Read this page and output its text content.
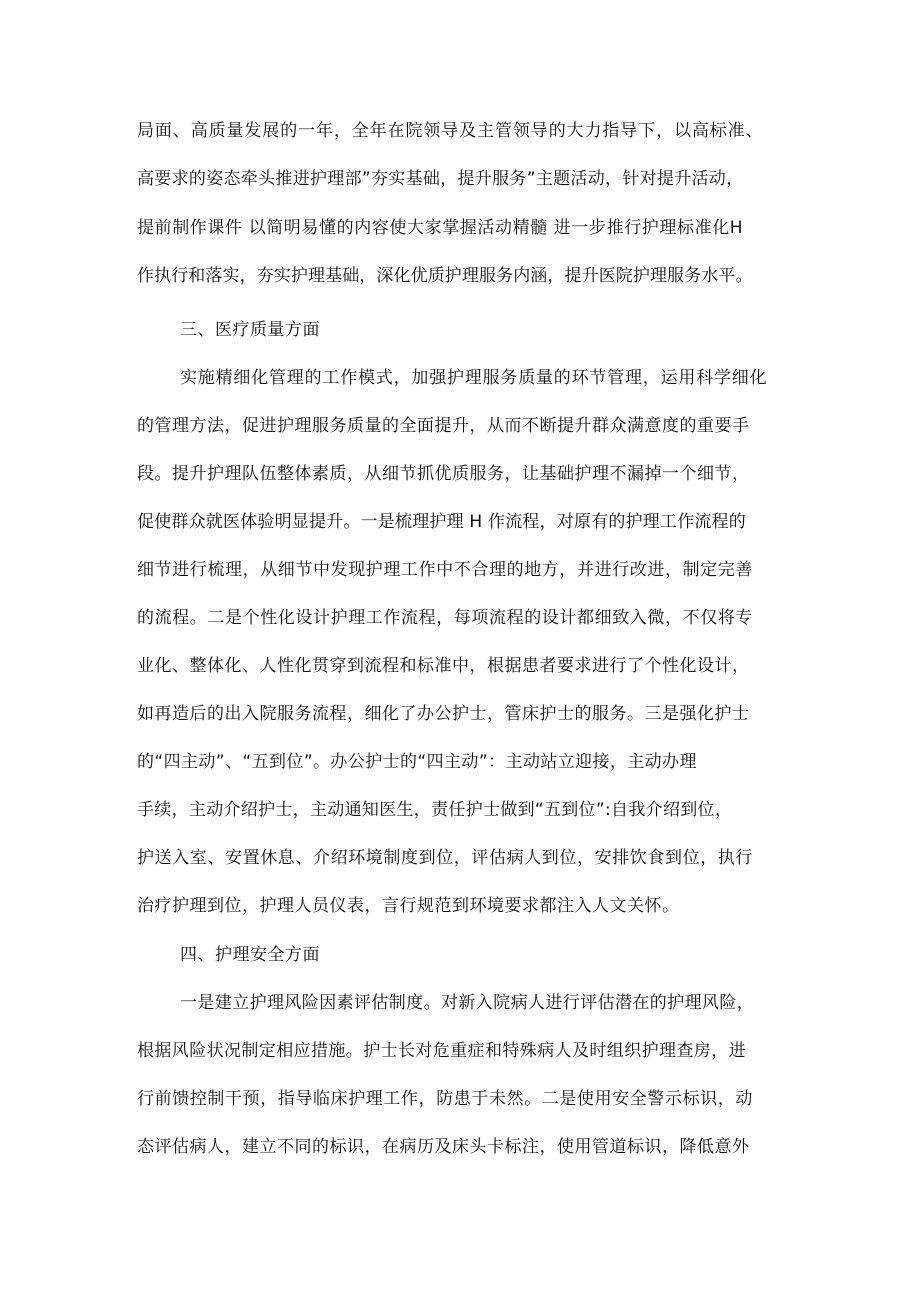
局面、高质量发展的一年，全年在院领导及主管领导的大力指导下，以高标准、
高要求的姿态牵头推进护理部”夯实基础，提升服务”主题活动，针对提升活动，
提前制作课件 以简明易懂的内容使大家掌握活动精髓 进一步推行护理标准化H
作执行和落实，夯实护理基础，深化优质护理服务内涵，提升医院护理服务水平。
三、医疗质量方面
实施精细化管理的工作模式，加强护理服务质量的环节管理，运用科学细化
的管理方法，促进护理服务质量的全面提升，从而不断提升群众满意度的重要手
段。提升护理队伍整体素质，从细节抓优质服务，让基础护理不漏掉一个细节，
促使群众就医体验明显提升。一是梳理护理 H 作流程，对原有的护理工作流程的
细节进行梳理，从细节中发现护理工作中不合理的地方，并进行改进，制定完善
的流程。二是个性化设计护理工作流程，每项流程的设计都细致入微，不仅将专
业化、整体化、人性化贯穿到流程和标准中，根据患者要求进行了个性化设计，
如再造后的出入院服务流程，细化了办公护士，管床护士的服务。三是强化护士
的“四主动”、“五到位”。办公护士的“四主动”：主动站立迎接，主动办理
手续，主动介绍护士，主动通知医生，责任护士做到“五到位”:自我介绍到位，
护送入室、安置休息、介绍环境制度到位，评估病人到位，安排饮食到位，执行
治疗护理到位，护理人员仪表，言行规范到环境要求都注入人文关怀。
四、护理安全方面
一是建立护理风险因素评估制度。对新入院病人进行评估潜在的护理风险，
根据风险状况制定相应措施。护士长对危重症和特殊病人及时组织护理查房，进
行前馈控制干预，指导临床护理工作，防患于未然。二是使用安全警示标识，动
态评估病人，建立不同的标识，在病历及床头卡标注，使用管道标识，降低意外
